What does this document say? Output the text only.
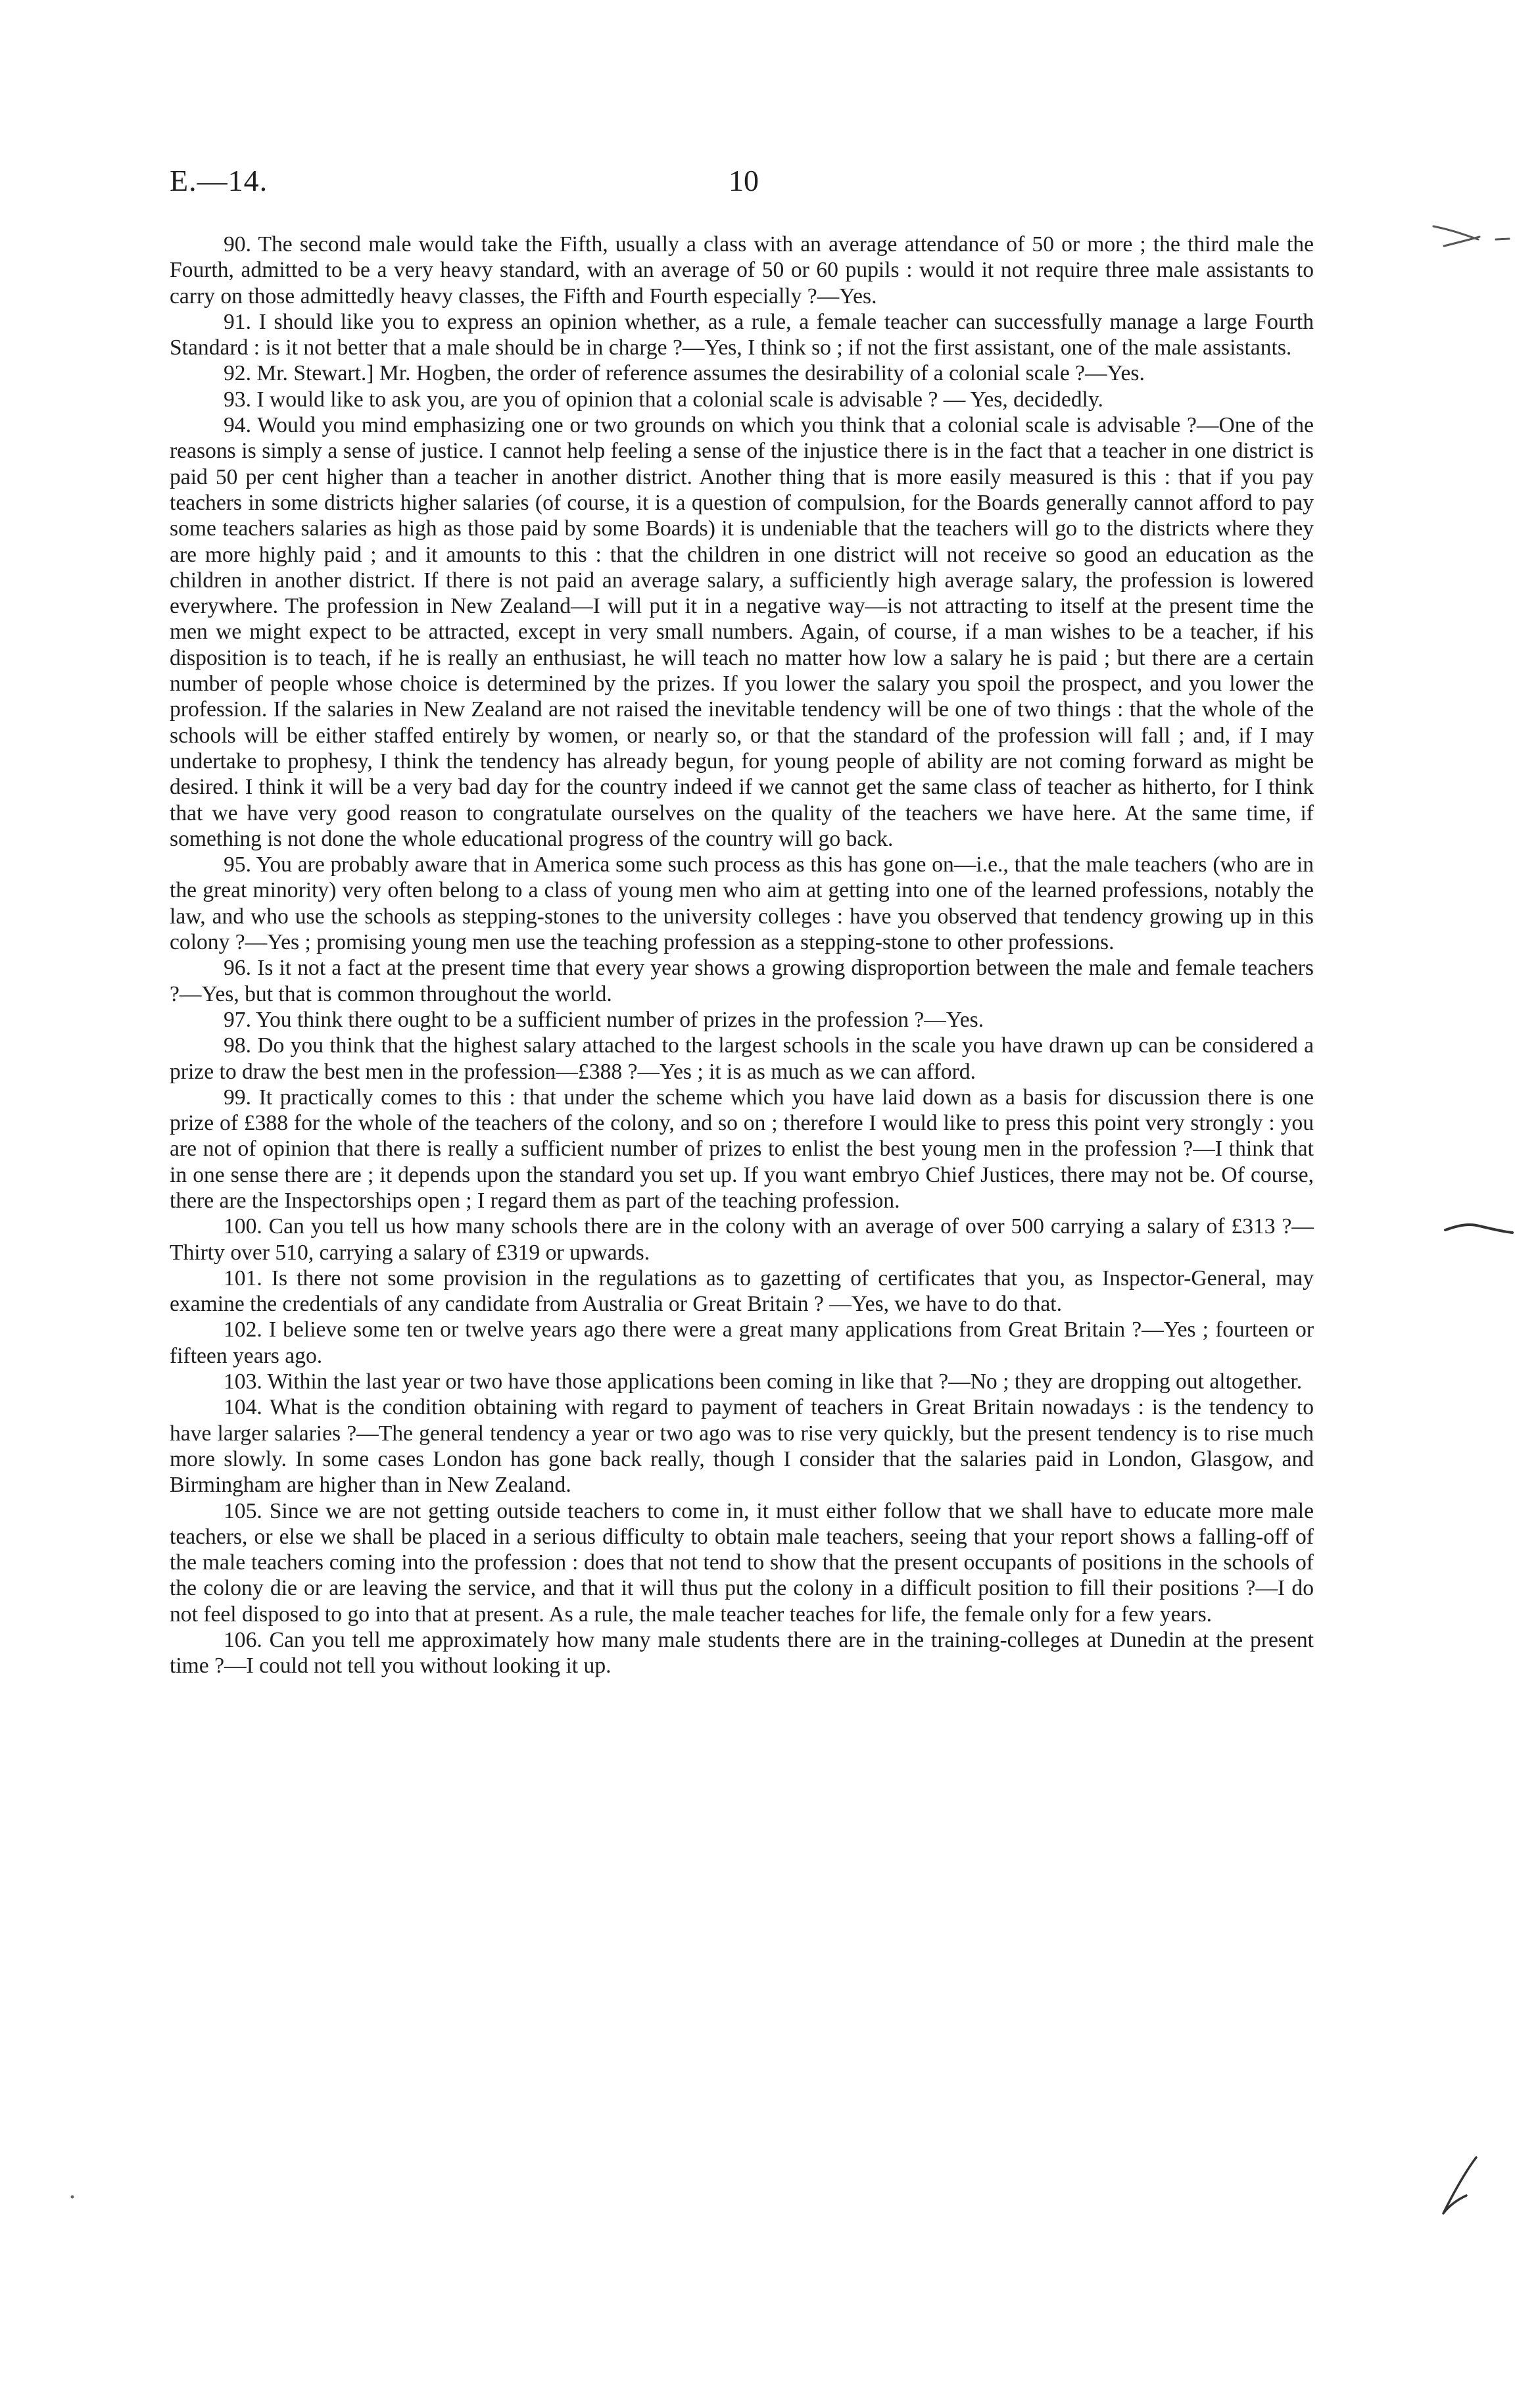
E.—14.	10

90. The second male would take the Fifth, usually a class with an average attendance of 50 or more ; the third male the Fourth, admitted to be a very heavy standard, with an average of 50 or 60 pupils : would it not require three male assistants to carry on those admittedly heavy classes, the Fifth and Fourth especially ?—Yes.

91. I should like you to express an opinion whether, as a rule, a female teacher can successfully manage a large Fourth Standard : is it not better that a male should be in charge ?—Yes, I think so ; if not the first assistant, one of the male assistants.

92. Mr. Stewart.] Mr. Hogben, the order of reference assumes the desirability of a colonial scale ?—Yes.

93. I would like to ask you, are you of opinion that a colonial scale is advisable ? — Yes, decidedly.

94. Would you mind emphasizing one or two grounds on which you think that a colonial scale is advisable ?—One of the reasons is simply a sense of justice. I cannot help feeling a sense of the injustice there is in the fact that a teacher in one district is paid 50 per cent higher than a teacher in another district. Another thing that is more easily measured is this : that if you pay teachers in some districts higher salaries (of course, it is a question of compulsion, for the Boards generally cannot afford to pay some teachers salaries as high as those paid by some Boards) it is undeniable that the teachers will go to the districts where they are more highly paid ; and it amounts to this : that the children in one district will not receive so good an education as the children in another district. If there is not paid an average salary, a sufficiently high average salary, the profession is lowered everywhere. The profession in New Zealand—I will put it in a negative way—is not attracting to itself at the present time the men we might expect to be attracted, except in very small numbers. Again, of course, if a man wishes to be a teacher, if his disposition is to teach, if he is really an enthusiast, he will teach no matter how low a salary he is paid ; but there are a certain number of people whose choice is determined by the prizes. If you lower the salary you spoil the prospect, and you lower the profession. If the salaries in New Zealand are not raised the inevitable tendency will be one of two things : that the whole of the schools will be either staffed entirely by women, or nearly so, or that the standard of the profession will fall ; and, if I may undertake to prophesy, I think the tendency has already begun, for young people of ability are not coming forward as might be desired. I think it will be a very bad day for the country indeed if we cannot get the same class of teacher as hitherto, for I think that we have very good reason to congratulate ourselves on the quality of the teachers we have here. At the same time, if something is not done the whole educational progress of the country will go back.

95. You are probably aware that in America some such process as this has gone on—i.e., that the male teachers (who are in the great minority) very often belong to a class of young men who aim at getting into one of the learned professions, notably the law, and who use the schools as stepping-stones to the university colleges : have you observed that tendency growing up in this colony ?—Yes ; promising young men use the teaching profession as a stepping-stone to other professions.

96. Is it not a fact at the present time that every year shows a growing disproportion between the male and female teachers ?—Yes, but that is common throughout the world.

97. You think there ought to be a sufficient number of prizes in the profession ?—Yes.

98. Do you think that the highest salary attached to the largest schools in the scale you have drawn up can be considered a prize to draw the best men in the profession—£388 ?—Yes ; it is as much as we can afford.

99. It practically comes to this : that under the scheme which you have laid down as a basis for discussion there is one prize of £388 for the whole of the teachers of the colony, and so on ; therefore I would like to press this point very strongly : you are not of opinion that there is really a sufficient number of prizes to enlist the best young men in the profession ?—I think that in one sense there are ; it depends upon the standard you set up. If you want embryo Chief Justices, there may not be. Of course, there are the Inspectorships open ; I regard them as part of the teaching profession.

100. Can you tell us how many schools there are in the colony with an average of over 500 carrying a salary of £313 ?—Thirty over 510, carrying a salary of £319 or upwards.

101. Is there not some provision in the regulations as to gazetting of certificates that you, as Inspector-General, may examine the credentials of any candidate from Australia or Great Britain ? —Yes, we have to do that.

102. I believe some ten or twelve years ago there were a great many applications from Great Britain ?—Yes ; fourteen or fifteen years ago.

103. Within the last year or two have those applications been coming in like that ?—No ; they are dropping out altogether.

104. What is the condition obtaining with regard to payment of teachers in Great Britain nowadays : is the tendency to have larger salaries ?—The general tendency a year or two ago was to rise very quickly, but the present tendency is to rise much more slowly. In some cases London has gone back really, though I consider that the salaries paid in London, Glasgow, and Birmingham are higher than in New Zealand.

105. Since we are not getting outside teachers to come in, it must either follow that we shall have to educate more male teachers, or else we shall be placed in a serious difficulty to obtain male teachers, seeing that your report shows a falling-off of the male teachers coming into the profession : does that not tend to show that the present occupants of positions in the schools of the colony die or are leaving the service, and that it will thus put the colony in a difficult position to fill their positions ?—I do not feel disposed to go into that at present. As a rule, the male teacher teaches for life, the female only for a few years.

106. Can you tell me approximately how many male students there are in the training-colleges at Dunedin at the present time ?—I could not tell you without looking it up.
